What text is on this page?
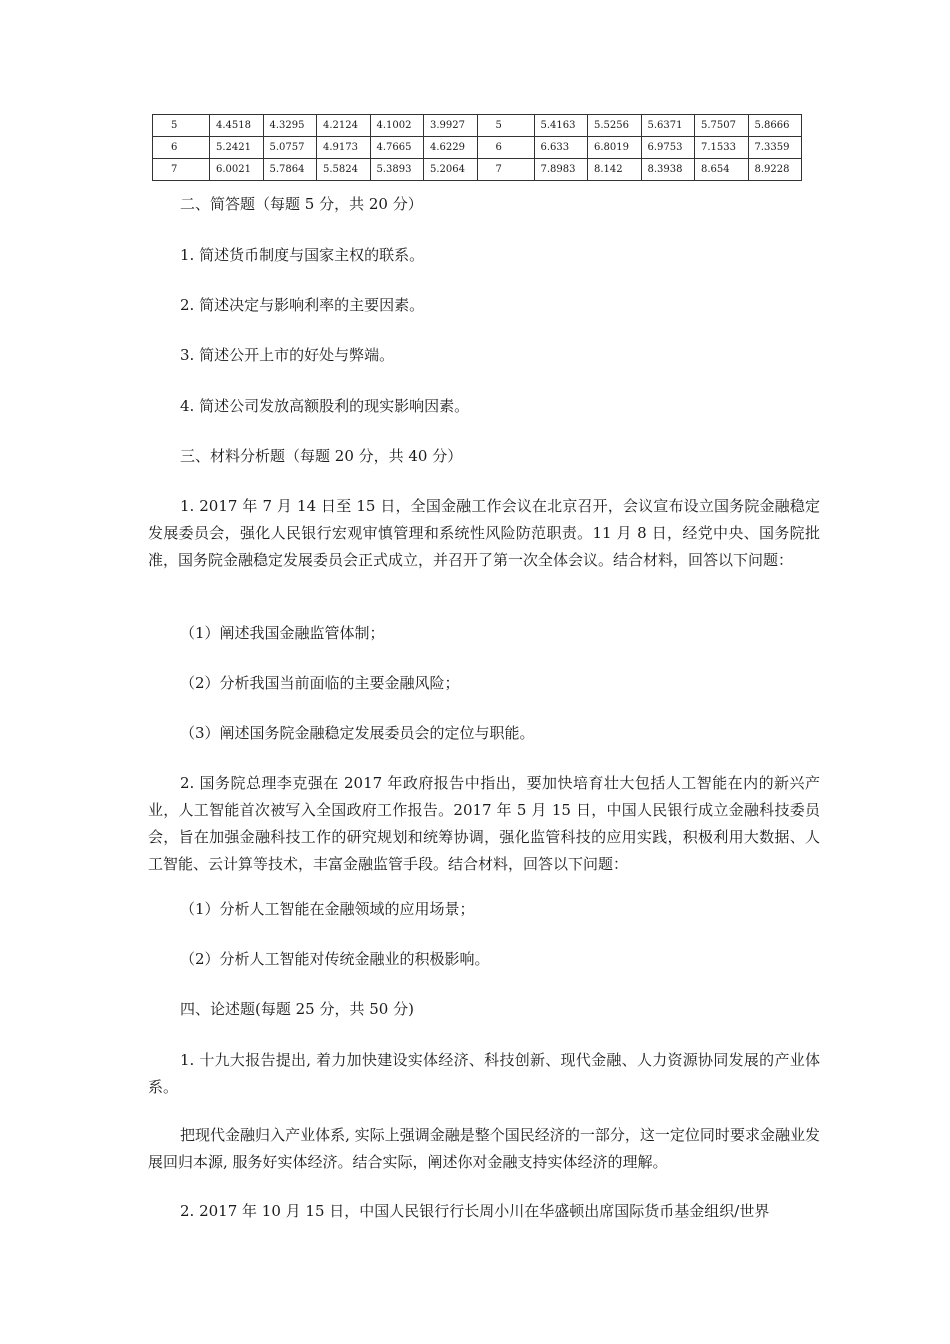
5	4.4518	4.3295	4.2124	4.1002	3.9927	5	5.4163	5.5256	5.6371	5.7507	5.8666
6	5.2421	5.0757	4.9173	4.7665	4.6229	6	6.633	6.8019	6.9753	7.1533	7.3359
7	6.0021	5.7864	5.5824	5.3893	5.2064	7	7.8983	8.142	8.3938	8.654	8.9228
二、简答题（每题 5 分，共 20 分）
1. 简述货币制度与国家主权的联系。
2. 简述决定与影响利率的主要因素。
3. 简述公开上市的好处与弊端。
4. 简述公司发放高额股利的现实影响因素。
三、材料分析题（每题 20 分，共 40 分）
1. 2017 年 7 月 14 日至 15 日，全国金融工作会议在北京召开，会议宣布设立国务院金融稳定发展委员会，强化人民银行宏观审慎管理和系统性风险防范职责。11 月 8 日，经党中央、国务院批准，国务院金融稳定发展委员会正式成立，并召开了第一次全体会议。结合材料，回答以下问题：
（1）阐述我国金融监管体制；
（2）分析我国当前面临的主要金融风险；
（3）阐述国务院金融稳定发展委员会的定位与职能。
2. 国务院总理李克强在 2017 年政府报告中指出，要加快培育壮大包括人工智能在内的新兴产业，人工智能首次被写入全国政府工作报告。2017 年 5 月 15 日，中国人民银行成立金融科技委员会，旨在加强金融科技工作的研究规划和统筹协调，强化监管科技的应用实践，积极利用大数据、人工智能、云计算等技术，丰富金融监管手段。结合材料，回答以下问题：
（1）分析人工智能在金融领域的应用场景；
（2）分析人工智能对传统金融业的积极影响。
四、论述题(每题 25 分，共 50 分)
1. 十九大报告提出, 着力加快建设实体经济、科技创新、现代金融、人力资源协同发展的产业体系。
把现代金融归入产业体系, 实际上强调金融是整个国民经济的一部分，这一定位同时要求金融业发展回归本源, 服务好实体经济。结合实际，阐述你对金融支持实体经济的理解。
2. 2017 年 10 月 15 日，中国人民银行行长周小川在华盛顿出席国际货币基金组织/世界
